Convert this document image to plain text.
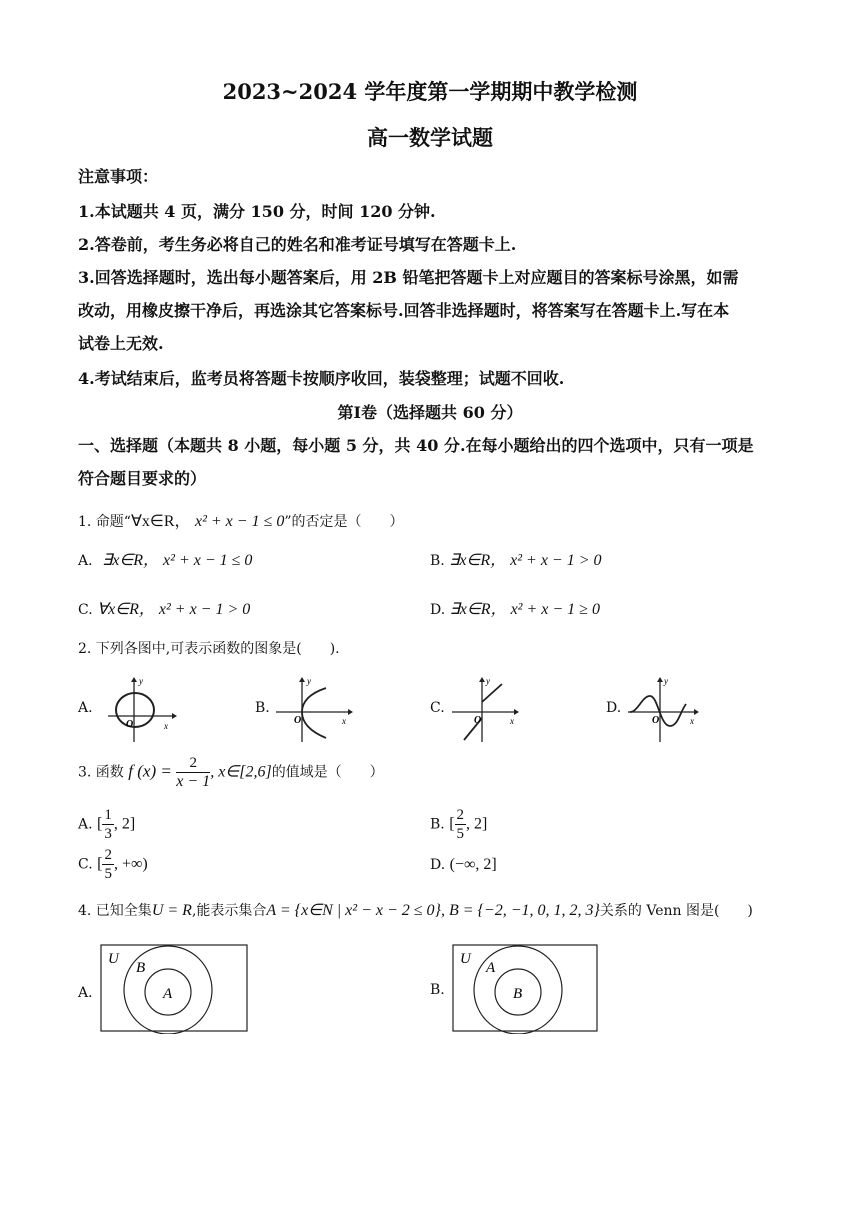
2023~2024 学年度第一学期期中教学检测
高一数学试题
注意事项：
1.本试题共 4 页，满分 150 分，时间 120 分钟.
2.答卷前，考生务必将自己的姓名和准考证号填写在答题卡上.
3.回答选择题时，选出每小题答案后，用 2B 铅笔把答题卡上对应题目的答案标号涂黑，如需
改动，用橡皮擦干净后，再选涂其它答案标号.回答非选择题时，将答案写在答题卡上.写在本
试卷上无效.
4.考试结束后，监考员将答题卡按顺序收回，装袋整理；试题不回收.
第Ⅰ卷（选择题共 60 分）
一、选择题（本题共 8 小题，每小题 5 分，共 40 分.在每小题给出的四个选项中，只有一项是
符合题目要求的）
1. 命题“∀x∈R， x² + x − 1 ≤ 0”的否定是（　　）
A．∃x∈R， x² + x − 1 ≤ 0	B. ∃x∈R， x² + x − 1 > 0
C. ∀x∈R， x² + x − 1 > 0	D. ∃x∈R， x² + x − 1 ≥ 0
2. 下列各图中,可表示函数的图象是(　　).
A.
y
x
O
B.
y
x
O
C.
y
x
O
D.
y
x
O
3. 函数 f $(x) = \frac{2}{x - 1}$ , x∈[2,6]的值域是（　　）
A. [ $\frac{1}{3}$ , 2]	B. [ $\frac{2}{5}$ , 2]
C. [ $\frac{2}{5}$ , +∞)	D. (−∞, 2]
4. 已知全集U = R,能表示集合A = {x∈N | x² − x − 2 ≤ 0}, B = {−2, −1, 0, 1, 2, 3}关系的 Venn 图是(　　)
A．
U
B
A	B.
U
A
B
